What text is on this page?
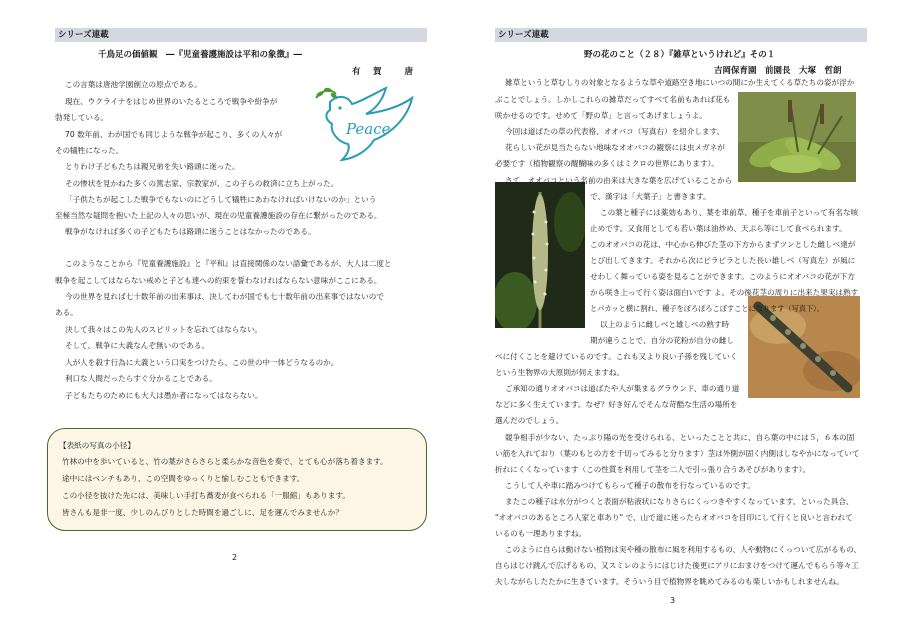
シリーズ連載
千鳥足の価値観　―『児童養護施設は平和の象徴』―
有　賀　　唐
Peace
この言葉は唐池学園創立の原点である。
現在、ウクライナをはじめ世界のいたるところで戦争や紛争が
勃発している。
70 数年前、わが国でも同じような戦争が起こり、多くの人々が
その犠牲になった。
とりわけ子どもたちは親兄弟を失い路頭に迷った。
その惨状を見かねた多くの篤志家、宗教家が、この子らの救済に立ち上がった。
「子供たちが起こした戦争でもないのにどうして犠牲にあわなければいけないのか」という
至極当然な疑問を抱いた上記の人々の思いが、現在の児童養護施設の存在に繋がったのである。
戦争がなければ多くの子どもたちは路頭に迷うことはなかったのである。
このようなことから『児童養護施設』と『平和』は直接関係のない語彙であるが、大人は二度と
戦争を起こしてはならない戒めと子ども達への約束を誓わなければならない意味がここにある。
今の世界を見れば七十数年前の出来事は、決してわが国でも七十数年前の出来事ではないので
ある。
決して我々はこの先人のスピリットを忘れてはならない。
そして、戦争に大義なんぞ無いのである。
人が人を殺す行為に大義という口実をつけたら、この世の中一体どうなるのか。
利口な人間だったらすぐ分かることである。
子どもたちのためにも大人は愚か者になってはならない。
【表紙の写真の小径】
竹林の中を歩いていると、竹の葉がさらさらと柔らかな音色を奏で、とても心が落ち着きます。
途中にはベンチもあり、この空間をゆっくりと愉しむこともできます。
この小径を抜けた先には、美味しい手打ち蕎麦が食べられる「一服館」もあります。
皆さんも是非一度、少しのんびりとした時間を過ごしに、足を運んでみませんか？
2
シリーズ連載
野の花のこと（２８）『雑草というけれど』その１
吉岡保育園　前園長　大塚　哲朗
雑草というと草むしりの対象となるような草や道路空き地にいつの間にか生えてくる草たちの姿が浮か
ぶことでしょう。しかしこれらの雑草だってすべて名前もあれば花も
咲かせるのです。せめて「野の草」と言ってあげましょうよ。
今回は道ばたの草の代表格、オオバコ（写真右）を紹介します。
花らしい花が見当たらない地味なオオバコの観察には虫メガネが
必要です（植物観察の醍醐味の多くはミクロの世界にあります）。
さて、オオバコという名前の由来は大きな葉を広げていることから
で、漢字は「大葉子」と書きます。
この葉と種子には薬効もあり、葉を車前草、種子を車前子といって有名な咳
止めです。又食用としても若い葉は油炒め、天ぷら等にして食べられます。
このオオバコの花は、中心から伸びた茎の下方からまずツンとした雌しべ達が
とび出してきます。それから次にピラピラとした長い雄しべ（写真左）が風に
せわしく舞っている姿を見ることができます。このようにオオバコの花が下方
から咲き上って行く姿は面白いです よ。その後花茎の周りに出来た果実は熟す
とパカッと横に割れ、種子をぽろぽろこぼすことになります（写真下）。
以上のように雌しべと雄しべの熟す時
期が違うことで、自分の花粉が自分の雌し
べに付くことを避けているのです。これも又より良い子孫を残していく
という生物界の大原則が伺えますね。
ご承知の通りオオバコは道ばたや人が集まるグラウンド、車の通り道
などに多く生えています。なぜ？好き好んでそんな苛酷な生活の場所を
選んだのでしょう。
競争相手が少ない、たっぷり陽の光を受けられる、といったことと共に、自ら葉の中には５，６本の固
い筋を入れており（葉のもとの方を千切ってみると分ります）茎は外側が固く内側はしなやかになっていて
折れにくくなっています（この性質を利用して茎を二人で引っ張り合うあそびがあります）。
こうして人や車に踏みつけてもらって種子の散布を行なっているのです。
またこの種子は水分がつくと表面が粘液状になりさらにくっつきやすくなっています。といった具合、
"オオバコのあるところ人家と車あり" で、山で道に迷ったらオオバコを目印にして行くと良いと言われて
いるのも一理ありますね。
このように自らは動けない植物は実や種の散布に風を利用するもの、人や動物にくっついて広がるもの、
自らはじけ跳んで広げるもの、又スミレのようにはじけた後更にアリにおまけをつけて運んでもらう等々工
夫しながらしたたかに生きています。そういう目で植物界を眺めてみるのも楽しいかもしれませんね。
3
